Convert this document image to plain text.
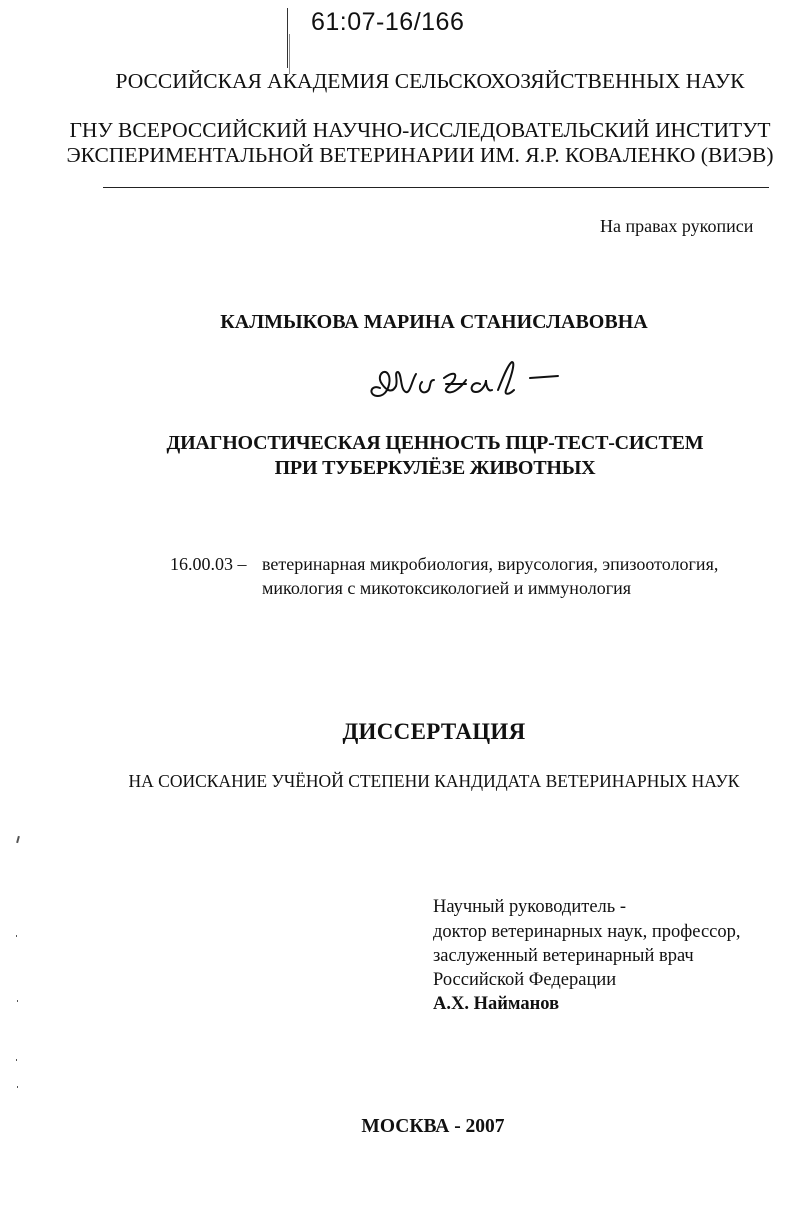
61:07-16/166
РОССИЙСКАЯ АКАДЕМИЯ СЕЛЬСКОХОЗЯЙСТВЕННЫХ НАУК
ГНУ ВСЕРОССИЙСКИЙ НАУЧНО-ИССЛЕДОВАТЕЛЬСКИЙ ИНСТИТУТ
ЭКСПЕРИМЕНТАЛЬНОЙ ВЕТЕРИНАРИИ ИМ. Я.Р. КОВАЛЕНКО (ВИЭВ)
На правах рукописи
КАЛМЫКОВА МАРИНА СТАНИСЛАВОВНА
ДИАГНОСТИЧЕСКАЯ ЦЕННОСТЬ ПЦР-ТЕСТ-СИСТЕМ
ПРИ ТУБЕРКУЛЁЗЕ ЖИВОТНЫХ
16.00.03 – ветеринарная микробиология, вирусология, эпизоотология,
микология с микотоксикологией и иммунология
ДИССЕРТАЦИЯ
НА СОИСКАНИЕ УЧЁНОЙ СТЕПЕНИ КАНДИДАТА ВЕТЕРИНАРНЫХ НАУК
Научный руководитель -
доктор ветеринарных наук, профессор,
заслуженный ветеринарный врач
Российской Федерации
А.Х. Найманов
МОСКВА - 2007
